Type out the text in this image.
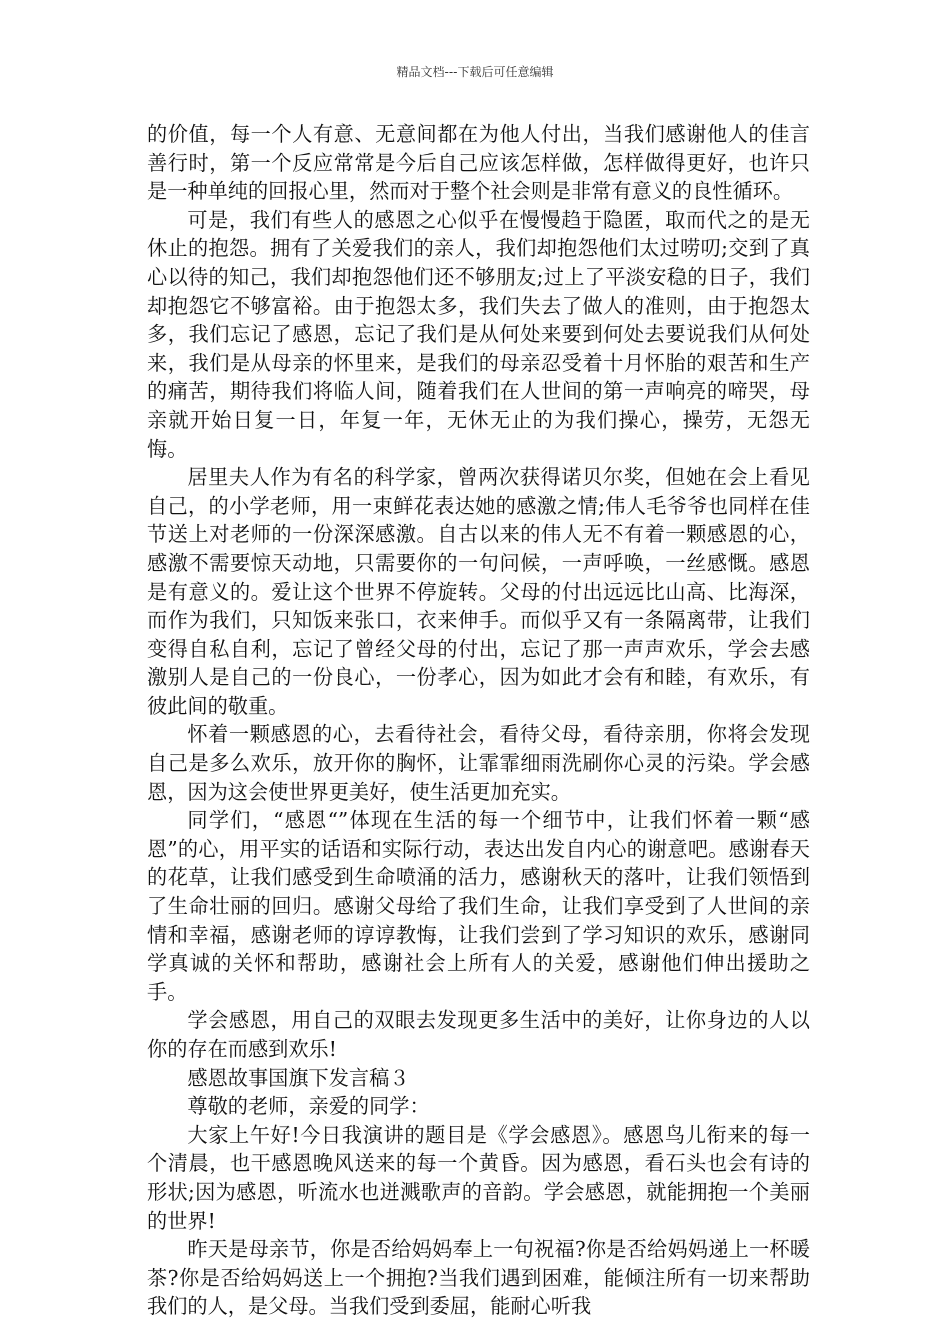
精品文档---下载后可任意编辑

的价值，每一个人有意、无意间都在为他人付出，当我们感谢他人的佳言善行时，第一个反应常常是今后自己应该怎样做，怎样做得更好，也许只是一种单纯的回报心里，然而对于整个社会则是非常有意义的良性循环。

可是，我们有些人的感恩之心似乎在慢慢趋于隐匿，取而代之的是无休止的抱怨。拥有了关爱我们的亲人，我们却抱怨他们太过唠叨;交到了真心以待的知己，我们却抱怨他们还不够朋友;过上了平淡安稳的日子，我们却抱怨它不够富裕。由于抱怨太多，我们失去了做人的准则，由于抱怨太多，我们忘记了感恩，忘记了我们是从何处来要到何处去要说我们从何处来，我们是从母亲的怀里来，是我们的母亲忍受着十月怀胎的艰苦和生产的痛苦，期待我们将临人间，随着我们在人世间的第一声响亮的啼哭，母亲就开始日复一日，年复一年，无休无止的为我们操心，操劳，无怨无悔。

居里夫人作为有名的科学家，曾两次获得诺贝尔奖，但她在会上看见自己，的小学老师，用一束鲜花表达她的感激之情;伟人毛爷爷也同样在佳节送上对老师的一份深深感激。自古以来的伟人无不有着一颗感恩的心，感激不需要惊天动地，只需要你的一句问候，一声呼唤，一丝感慨。感恩是有意义的。爱让这个世界不停旋转。父母的付出远远比山高、比海深，而作为我们，只知饭来张口，衣来伸手。而似乎又有一条隔离带，让我们变得自私自利，忘记了曾经父母的付出，忘记了那一声声欢乐，学会去感激别人是自己的一份良心，一份孝心，因为如此才会有和睦，有欢乐，有彼此间的敬重。

怀着一颗感恩的心，去看待社会，看待父母，看待亲朋，你将会发现自己是多么欢乐，放开你的胸怀，让霏霏细雨洗刷你心灵的污染。学会感恩，因为这会使世界更美好，使生活更加充实。

同学们，“感恩“”体现在生活的每一个细节中，让我们怀着一颗“感恩”的心，用平实的话语和实际行动，表达出发自内心的谢意吧。感谢春天的花草，让我们感受到生命喷涌的活力，感谢秋天的落叶，让我们领悟到了生命壮丽的回归。感谢父母给了我们生命，让我们享受到了人世间的亲情和幸福，感谢老师的谆谆教悔，让我们尝到了学习知识的欢乐，感谢同学真诚的关怀和帮助，感谢社会上所有人的关爱，感谢他们伸出援助之手。

学会感恩，用自己的双眼去发现更多生活中的美好，让你身边的人以你的存在而感到欢乐!

感恩故事国旗下发言稿３

尊敬的老师，亲爱的同学：

大家上午好!今日我演讲的题目是《学会感恩》。感恩鸟儿衔来的每一个清晨，也干感恩晚风送来的每一个黄昏。因为感恩，看石头也会有诗的形状;因为感恩，听流水也迸溅歌声的音韵。学会感恩，就能拥抱一个美丽的世界!

昨天是母亲节，你是否给妈妈奉上一句祝福?你是否给妈妈递上一杯暖茶?你是否给妈妈送上一个拥抱?当我们遇到困难，能倾注所有一切来帮助我们的人，是父母。当我们受到委屈，能耐心听我
